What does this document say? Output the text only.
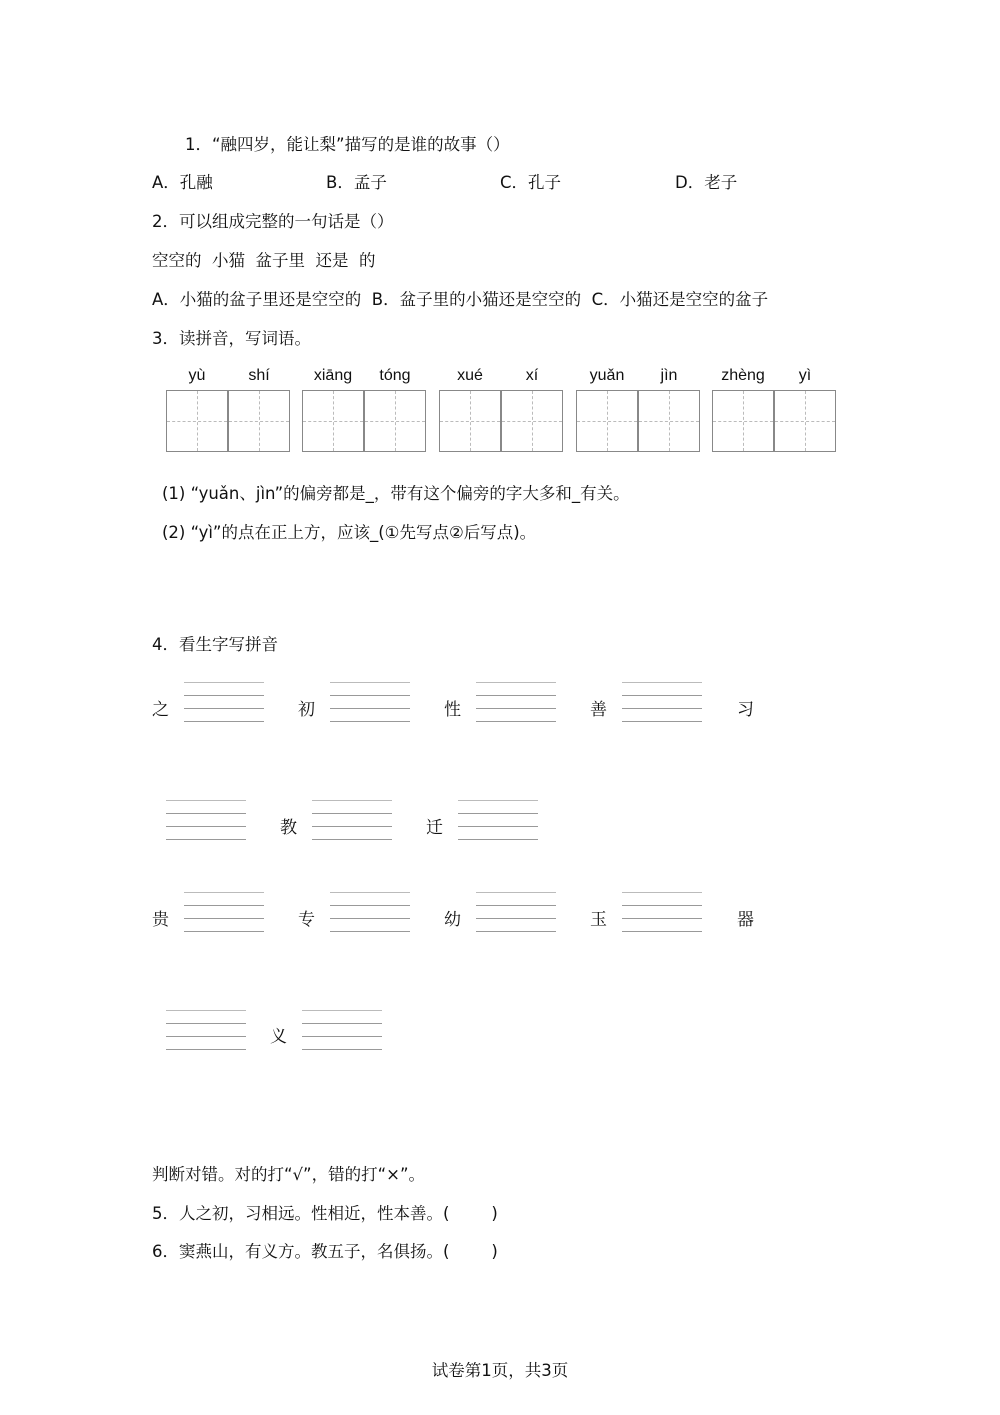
1．“融四岁，能让梨”描写的是谁的故事（）
A．孔融	B．孟子	C．孔子	D．老子
2．可以组成完整的一句话是（）
空空的  小猫  盆子里  还是  的
A．小猫的盆子里还是空空的  B．盆子里的小猫还是空空的  C．小猫还是空空的盆子
3．读拼音，写词语。
yù	shí	xiāng	tóng	xué	xí	yuǎn	jìn	zhèng	yì
(1) “yuǎn、jìn”的偏旁都是_，带有这个偏旁的字大多和_有关。
(2) “yì”的点在正上方，应该_(①先写点②后写点)。
4．看生字写拼音
之	初	性	善	习
教	迁
贵	专	幼	玉	器
义
判断对错。对的打“√”，错的打“×”。
5．人之初，习相远。性相近，性本善。(        )
6．窦燕山，有义方。教五子，名俱扬。(        )
试卷第1页，共3页
